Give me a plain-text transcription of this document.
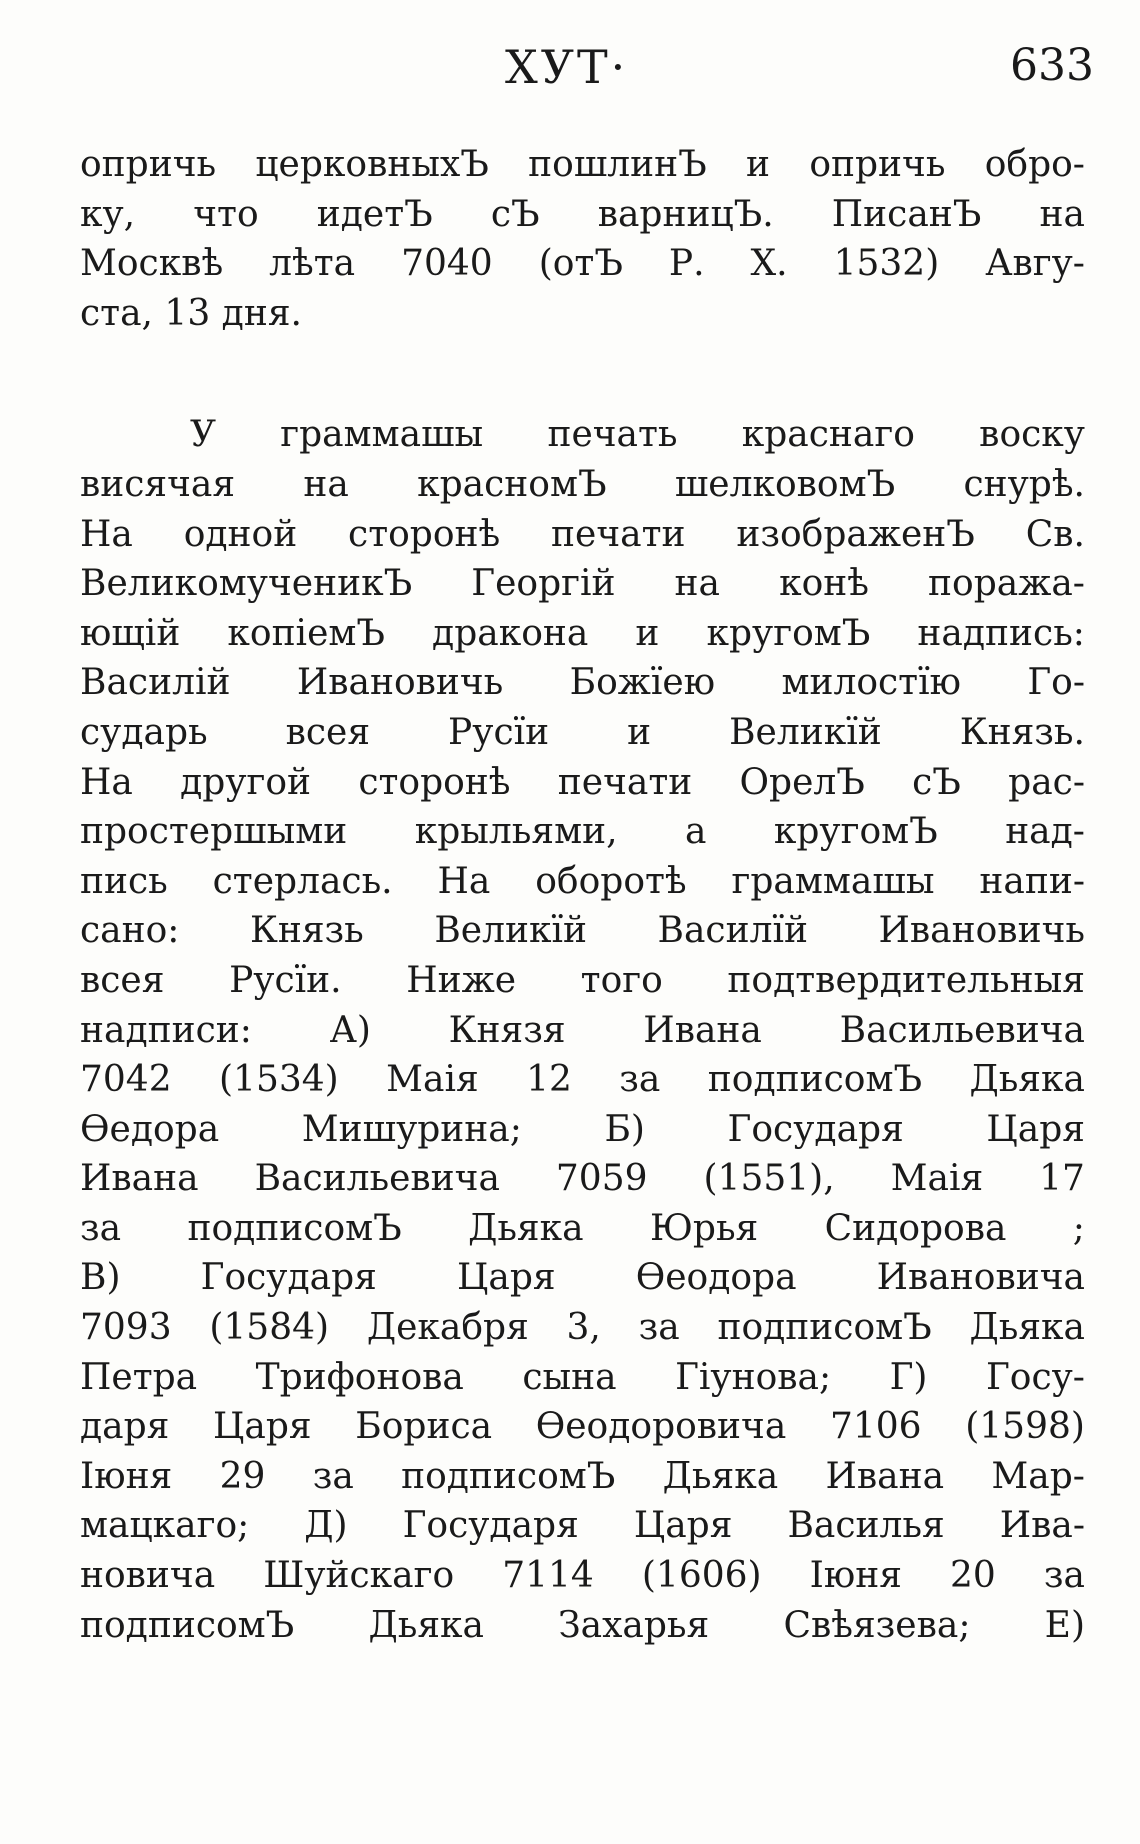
ХУТ·	633
опричь церковныхЪ пошлинЪ и опричь обро-
ку, что идетЪ сЪ варницЪ. ПисанЪ на
Москвѣ лѣта 7040 (отЪ Р. Х. 1532) Авгу-
ста, 13 дня.
У граммашы печать краснаго воску
висячая на красномЪ шелковомЪ снурѣ.
На одной сторонѣ печати изображенЪ Св.
ВеликомученикЪ Георгій на конѣ поража-
ющій копіемЪ дракона и кругомЪ надпись:
Василій Ивановичь Божїею милостїю Го-
сударь всея Русїи и Великїй Князь.
На другой сторонѣ печати ОрелЪ сЪ рас-
простершыми крыльями, а кругомЪ над-
пись стерлась. На оборотѣ граммашы напи-
сано: Князь Великїй Василїй Ивановичь
всея Русїи. Ниже того подтвердительныя
надписи: А) Князя Ивана Васильевича
7042 (1534) Маія 12 за подписомЪ Дьяка
Өедора Мишурина; Б) Государя Царя
Ивана Васильевича 7059 (1551), Маія 17
за подписомЪ Дьяка Юрья Сидорова ;
В) Государя Царя Өеодора Ивановича
7093 (1584) Декабря 3, за подписомЪ Дьяка
Петра Трифонова сына Гіунова; Г) Госу-
даря Царя Бориса Өеодоровича 7106 (1598)
Іюня 29 за подписомЪ Дьяка Ивана Мар-
мацкаго; Д) Государя Царя Василья Ива-
новича Шуйскаго 7114 (1606) Іюня 20 за
подписомЪ Дьяка Захарья Свѣязева; Е)
